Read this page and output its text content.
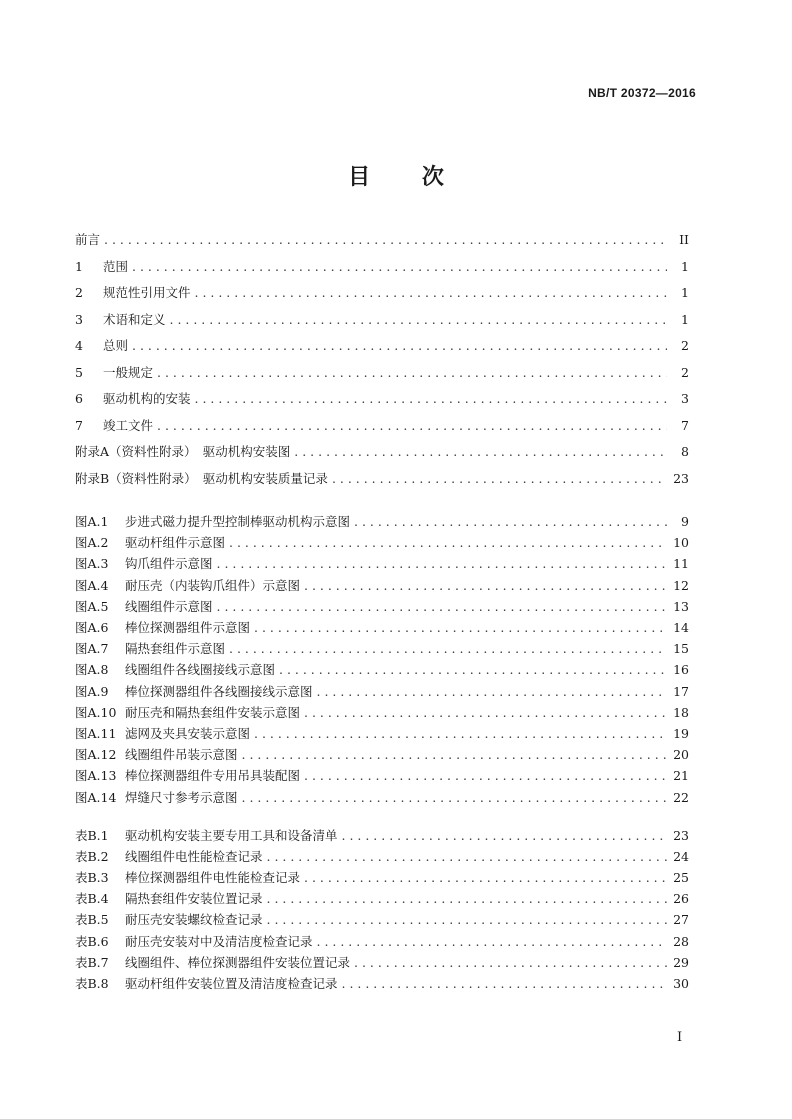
NB/T 20372—2016
目 次
前言 . . .	II
1	范围 . . .	1
2	规范性引用文件 . . .	1
3	术语和定义 . . .	1
4	总则 . . .	2
5	一般规定 . . .	2
6	驱动机构的安装 . . .	3
7	竣工文件 . . .	7
附录A（资料性附录）　驱动机构安装图 . . .	8
附录B（资料性附录）　驱动机构安装质量记录 . . .	23
图A.1	步进式磁力提升型控制棒驱动机构示意图 . . .	9
图A.2	驱动杆组件示意图 . . .	10
图A.3	钩爪组件示意图 . . .	11
图A.4	耐压壳（内装钩爪组件）示意图 . . .	12
图A.5	线圈组件示意图 . . .	13
图A.6	棒位探测器组件示意图 . . .	14
图A.7	隔热套组件示意图 . . .	15
图A.8	线圈组件各线圈接线示意图 . . .	16
图A.9	棒位探测器组件各线圈接线示意图 . . .	17
图A.10 耐压壳和隔热套组件安装示意图 . . .	18
图A.11 滤网及夹具安装示意图 . . .	19
图A.12 线圈组件吊装示意图 . . .	20
图A.13 棒位探测器组件专用吊具装配图 . . .	21
图A.14 焊缝尺寸参考示意图 . . .	22
表B.1	驱动机构安装主要专用工具和设备清单 . . .	23
表B.2	线圈组件电性能检查记录 . . .	24
表B.3	棒位探测器组件电性能检查记录 . . .	25
表B.4	隔热套组件安装位置记录 . . .	26
表B.5	耐压壳安装螺纹检查记录 . . .	27
表B.6	耐压壳安装对中及清洁度检查记录 . . .	28
表B.7	线圈组件、棒位探测器组件安装位置记录 . . .	29
表B.8	驱动杆组件安装位置及清洁度检查记录 . . .	30
I
